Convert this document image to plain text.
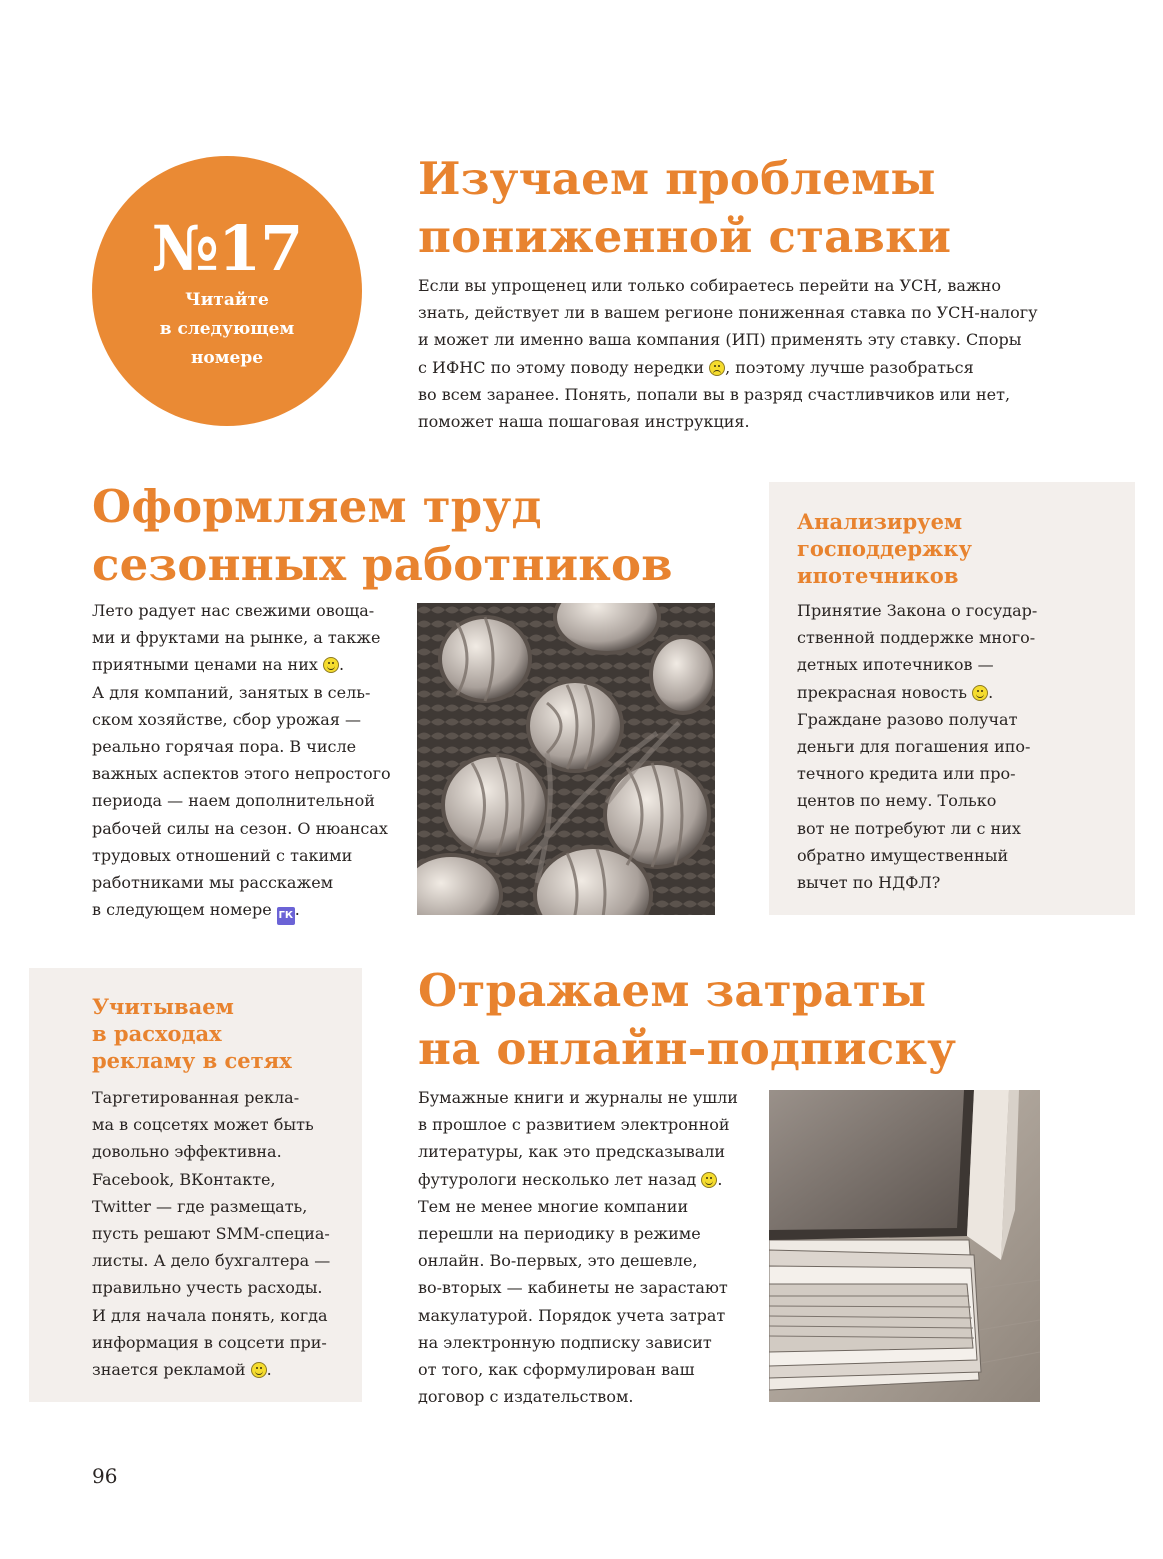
№17
Читайте
в следующем
номере
Изучаем проблемы
пониженной ставки

Если вы упрощенец или только собираетесь перейти на УСН, важно

знать, действует ли в вашем регионе пониженная ставка по УСН-налогу

и может ли именно ваша компания (ИП) применять эту ставку. Споры

с ИФНС по этому поводу нередки , поэтому лучше разобраться

во всем заранее. Понять, попали вы в разряд счастливчиков или нет,

поможет наша пошаговая инструкция.

Оформляем труд
сезонных работников

Лето радует нас свежими овоща-

ми и фруктами на рынке, а также

приятными ценами на них .

А для компаний, занятых в сель-

ском хозяйстве, сбор урожая —

реально горячая пора. В числе

важных аспектов этого непростого

периода — наем дополнительной

рабочей силы на сезон. О нюансах

трудовых отношений с такими

работниками мы расскажем

в следующем номере ГК .

Анализируем
господдержку
ипотечников

Принятие Закона о государ-

ственной поддержке много-

детных ипотечников —

прекрасная новость .

Граждане разово получат

деньги для погашения ипо-

течного кредита или про-

центов по нему. Только

вот не потребуют ли с них

обратно имущественный

вычет по НДФЛ?

Учитываем
в расходах
рекламу в сетях

Таргетированная рекла-

ма в соцсетях может быть

довольно эффективна.

Facebook, ВКонтакте,

Twitter — где размещать,

пусть решают SMM-специа-

листы. А дело бухгалтера —

правильно учесть расходы.

И для начала понять, когда

информация в соцсети при-

знается рекламой .

Отражаем затраты
на онлайн-подписку

Бумажные книги и журналы не ушли

в прошлое с развитием электронной

литературы, как это предсказывали

футурологи несколько лет назад .

Тем не менее многие компании

перешли на периодику в режиме

онлайн. Во-первых, это дешевле,

во-вторых — кабинеты не зарастают

макулатурой. Порядок учета затрат

на электронную подписку зависит

от того, как сформулирован ваш

договор с издательством.

96
